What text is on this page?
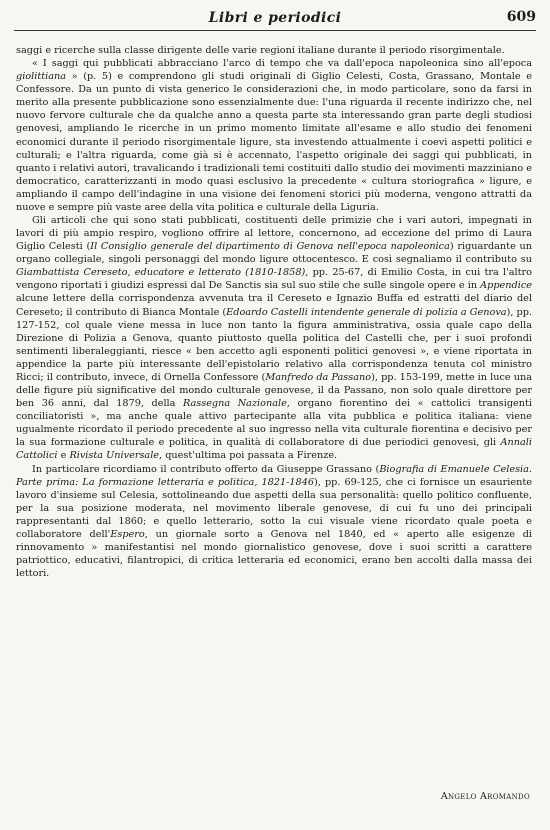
Libri e periodici	609

saggi e ricerche sulla classe dirigente delle varie regioni italiane durante il periodo risorgimentale.

« I saggi qui pubblicati abbracciano l'arco di tempo che va dall'epoca napoleonica sino all'epoca giolittiana » (p. 5) e comprendono gli studi originali di Giglio Celesti, Costa, Grassano, Montale e Confessore. Da un punto di vista generico le considerazioni che, in modo particolare, sono da farsi in merito alla presente pubblicazione sono essenzialmente due: l'una riguarda il recente indirizzo che, nel nuovo fervore culturale che da qualche anno a questa parte sta interessando gran parte degli studiosi genovesi, ampliando le ricerche in un primo momento limitate all'esame e allo studio dei fenomeni economici durante il periodo risorgimentale ligure, sta investendo attualmente i coevi aspetti politici e culturali; e l'altra riguarda, come già si è accennato, l'aspetto originale dei saggi qui pubblicati, in quanto i relativi autori, travalicando i tradizionali temi costituiti dallo studio dei movimenti mazziniano e democratico, caratterizzanti in modo quasi esclusivo la precedente « cultura storiografica » ligure, e ampliando il campo dell'indagine in una visione dei fenomeni storici più moderna, vengono attratti da nuove e sempre più vaste aree della vita politica e culturale della Liguria.

Gli articoli che qui sono stati pubblicati, costituenti delle primizie che i vari autori, impegnati in lavori di più ampio respiro, vogliono offrire al lettore, concernono, ad eccezione del primo di Laura Giglio Celesti (Il Consiglio generale del dipartimento di Genova nell'epoca napoleonica) riguardante un organo collegiale, singoli personaggi del mondo ligure ottocentesco. E così segnaliamo il contributo su Giambattista Cereseto, educatore e letterato (1810-1858), pp. 25-67, di Emilio Costa, in cui tra l'altro vengono riportati i giudizi espressi dal De Sanctis sia sul suo stile che sulle singole opere e in Appendice alcune lettere della corrispondenza avvenuta tra il Cereseto e Ignazio Buffa ed estratti del diario del Cereseto; il contributo di Bianca Montale (Edoardo Castelli intendente generale di polizia a Genova), pp. 127-152, col quale viene messa in luce non tanto la figura amministrativa, ossia quale capo della Direzione di Polizia a Genova, quanto piuttosto quella politica del Castelli che, per i suoi profondi sentimenti liberaleggianti, riesce « ben accetto agli esponenti politici genovesi », e viene riportata in appendice la parte più interessante dell'epistolario relativo alla corrispondenza tenuta col ministro Ricci; il contributo, invece, di Ornella Confessore (Manfredo da Passano), pp. 153-199, mette in luce una delle figure più significative del mondo culturale genovese, il da Passano, non solo quale direttore per ben 36 anni, dal 1879, della Rassegna Nazionale, organo fiorentino dei « cattolici transigenti conciliatoristi », ma anche quale attivo partecipante alla vita pubblica e politica italiana: viene ugualmente ricordato il periodo precedente al suo ingresso nella vita culturale fiorentina e decisivo per la sua formazione culturale e politica, in qualità di collaboratore di due periodici genovesi, gli Annali Cattolici e Rivista Universale, quest'ultima poi passata a Firenze.

In particolare ricordiamo il contributo offerto da Giuseppe Grassano (Biografia di Emanuele Celesia. Parte prima: La formazione letteraria e politica, 1821-1846), pp. 69-125, che ci fornisce un esauriente lavoro d'insieme sul Celesia, sottolineando due aspetti della sua personalità: quello politico confluente, per la sua posizione moderata, nel movimento liberale genovese, di cui fu uno dei principali rappresentanti dal 1860; e quello letterario, sotto la cui visuale viene ricordato quale poeta e collaboratore dell'Espero, un giornale sorto a Genova nel 1840, ed « aperto alle esigenze di rinnovamento » manifestantisi nel mondo giornalistico genovese, dove i suoi scritti a carattere patriottico, educativi, filantropici, di critica letteraria ed economici, erano ben accolti dalla massa dei lettori.

Angelo Aromando
